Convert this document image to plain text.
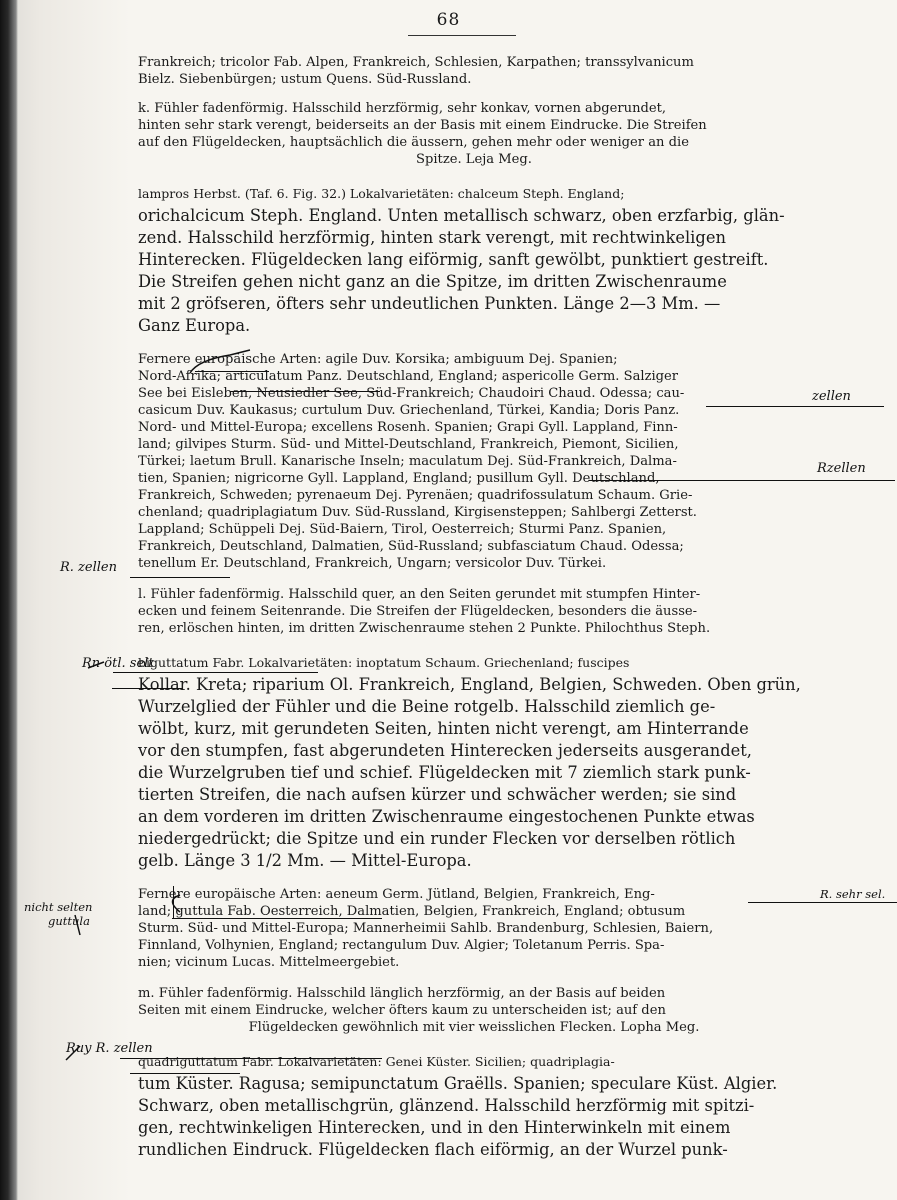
68

Frankreich; tricolor Fab. Alpen, Frankreich, Schlesien, Karpathen; transsylvanicum
Bielz. Siebenbürgen; ustum Quens. Süd-Russland.

k. Fühler fadenförmig. Halsschild herzförmig, sehr konkav, vornen abgerundet,
hinten sehr stark verengt, beiderseits an der Basis mit einem Eindrucke. Die Streifen
auf den Flügeldecken, hauptsächlich die äussern, gehen mehr oder weniger an die

Spitze. Leja Meg.

lampros Herbst. (Taf. 6. Fig. 32.) Lokalvarietäten: chalceum Steph. England;
orichalcicum Steph. England. Unten metallisch schwarz, oben erzfarbig, glän-
zend. Halsschild herzförmig, hinten stark verengt, mit rechtwinkeligen
Hinterecken. Flügeldecken lang eiförmig, sanft gewölbt, punktiert gestreift.
Die Streifen gehen nicht ganz an die Spitze, im dritten Zwischenraume
mit 2 gröfseren, öfters sehr undeutlichen Punkten. Länge 2—3 Mm. —
Ganz Europa.

Fernere europäische Arten: agile Duv. Korsika; ambiguum Dej. Spanien;
Nord-Afrika; articulatum Panz. Deutschland, England; aspericolle Germ. Salziger
See bei Eisleben, Neusiedler See, Süd-Frankreich; Chaudoiri Chaud. Odessa; cau-
casicum Duv. Kaukasus; curtulum Duv. Griechenland, Türkei, Kandia; Doris Panz.
Nord- und Mittel-Europa; excellens Rosenh. Spanien; Grapi Gyll. Lappland, Finn-
land; gilvipes Sturm. Süd- und Mittel-Deutschland, Frankreich, Piemont, Sicilien,
Türkei; laetum Brull. Kanarische Inseln; maculatum Dej. Süd-Frankreich, Dalma-
tien, Spanien; nigricorne Gyll. Lappland, England; pusillum Gyll. Deutschland,
Frankreich, Schweden; pyrenaeum Dej. Pyrenäen; quadrifossulatum Schaum. Grie-
chenland; quadriplagiatum Duv. Süd-Russland, Kirgisensteppen; Sahlbergi Zetterst.
Lappland; Schüppeli Dej. Süd-Baiern, Tirol, Oesterreich; Sturmi Panz. Spanien,
Frankreich, Deutschland, Dalmatien, Süd-Russland; subfasciatum Chaud. Odessa;
tenellum Er. Deutschland, Frankreich, Ungarn; versicolor Duv. Türkei.

l. Fühler fadenförmig. Halsschild quer, an den Seiten gerundet mit stumpfen Hinter-
ecken und feinem Seitenrande. Die Streifen der Flügeldecken, besonders die äusse-
ren, erlöschen hinten, im dritten Zwischenraume stehen 2 Punkte. Philochthus Steph.

biguttatum Fabr. Lokalvarietäten: inoptatum Schaum. Griechenland; fuscipes
Kollar. Kreta; riparium Ol. Frankreich, England, Belgien, Schweden. Oben grün,
Wurzelglied der Fühler und die Beine rotgelb. Halsschild ziemlich ge-
wölbt, kurz, mit gerundeten Seiten, hinten nicht verengt, am Hinterrande
vor den stumpfen, fast abgerundeten Hinterecken jederseits ausgerandet,
die Wurzelgruben tief und schief. Flügeldecken mit 7 ziemlich stark punk-
tierten Streifen, die nach aufsen kürzer und schwächer werden; sie sind
an dem vorderen im dritten Zwischenraume eingestochenen Punkte etwas
niedergedrückt; die Spitze und ein runder Flecken vor derselben rötlich
gelb. Länge 3 1/2 Mm. — Mittel-Europa.

Fernere europäische Arten: aeneum Germ. Jütland, Belgien, Frankreich, Eng-
land; guttula Fab. Oesterreich, Dalmatien, Belgien, Frankreich, England; obtusum
Sturm. Süd- und Mittel-Europa; Mannerheimii Sahlb. Brandenburg, Schlesien, Baiern,
Finnland, Volhynien, England; rectangulum Duv. Algier; Toletanum Perris. Spa-
nien; vicinum Lucas. Mittelmeergebiet.

m. Fühler fadenförmig. Halsschild länglich herzförmig, an der Basis auf beiden
Seiten mit einem Eindrucke, welcher öfters kaum zu unterscheiden ist; auf den

Flügeldecken gewöhnlich mit vier weisslichen Flecken. Lopha Meg.

quadriguttatum Fabr. Lokalvarietäten: Genei Küster. Sicilien; quadriplagia-
tum Küster. Ragusa; semipunctatum Graëlls. Spanien; speculare Küst. Algier.
Schwarz, oben metallischgrün, glänzend. Halsschild herzförmig mit spitzi-
gen, rechtwinkeligen Hinterecken, und in den Hinterwinkeln mit einem
rundlichen Eindruck. Flügeldecken flach eiförmig, an der Wurzel punk-

zellen
Rzellen
R. zellen
Rn ötl. selt
nicht selten
guttula
R. sehr sel.
Ruy R. zellen
